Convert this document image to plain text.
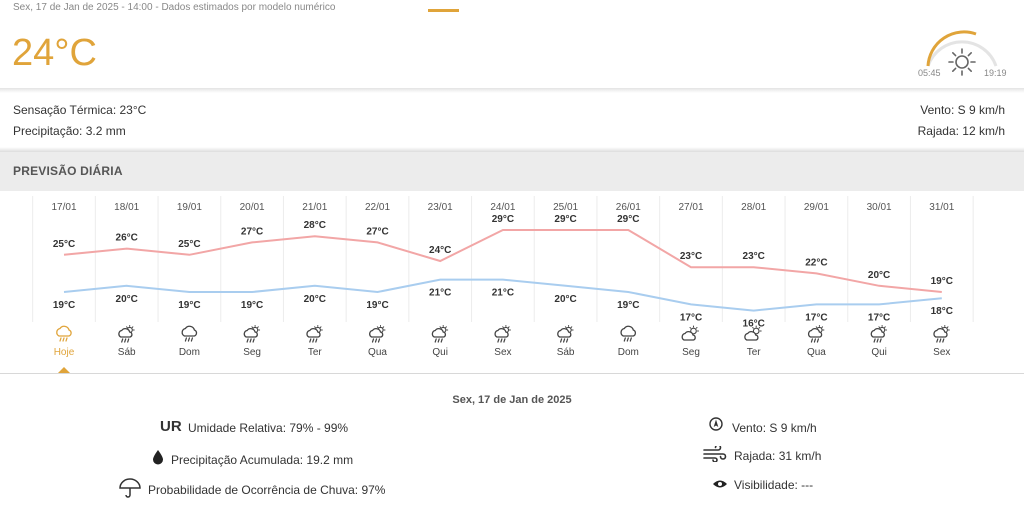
Sex, 17 de Jan de 2025 - 14:00 - Dados estimados por modelo numérico
24°C	05:45	19:19
Sensação Térmica: 23°C
Precipitação: 3.2 mm
Vento: S 9 km/h
Rajada: 12 km/h
PREVISÃO DIÁRIA
17/01
25°C
19°C
Hoje
18/01
26°C
20°C
Sáb
19/01
25°C
19°C
Dom
20/01
27°C
19°C
Seg
21/01
28°C
20°C
Ter
22/01
27°C
19°C
Qua
23/01
24°C
21°C
Qui
24/01
29°C
21°C
Sex
25/01
29°C
20°C
Sáb
26/01
29°C
19°C
Dom
27/01
23°C
17°C
Seg
28/01
23°C
16°C
Ter
29/01
22°C
17°C
Qua
30/01
20°C
17°C
Qui
31/01
19°C
18°C
Sex
Sex, 17 de Jan de 2025
UR Umidade Relativa: 79% - 99%
Precipitação Acumulada: 19.2 mm
Probabilidade de Ocorrência de Chuva: 97%
Vento: S 9 km/h
Rajada: 31 km/h
Visibilidade: ---
